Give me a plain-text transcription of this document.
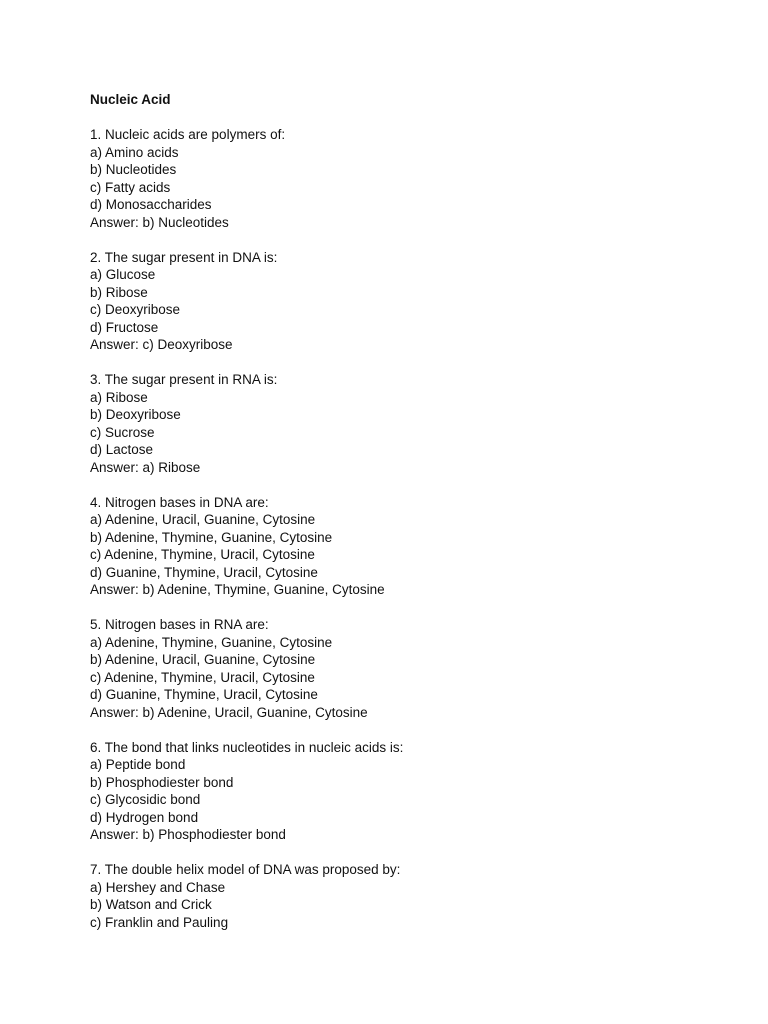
Nucleic Acid
1. Nucleic acids are polymers of:
a) Amino acids
b) Nucleotides
c) Fatty acids
d) Monosaccharides
Answer: b) Nucleotides
2. The sugar present in DNA is:
a) Glucose
b) Ribose
c) Deoxyribose
d) Fructose
Answer: c) Deoxyribose
3. The sugar present in RNA is:
a) Ribose
b) Deoxyribose
c) Sucrose
d) Lactose
Answer: a) Ribose
4. Nitrogen bases in DNA are:
a) Adenine, Uracil, Guanine, Cytosine
b) Adenine, Thymine, Guanine, Cytosine
c) Adenine, Thymine, Uracil, Cytosine
d) Guanine, Thymine, Uracil, Cytosine
Answer: b) Adenine, Thymine, Guanine, Cytosine
5. Nitrogen bases in RNA are:
a) Adenine, Thymine, Guanine, Cytosine
b) Adenine, Uracil, Guanine, Cytosine
c) Adenine, Thymine, Uracil, Cytosine
d) Guanine, Thymine, Uracil, Cytosine
Answer: b) Adenine, Uracil, Guanine, Cytosine
6. The bond that links nucleotides in nucleic acids is:
a) Peptide bond
b) Phosphodiester bond
c) Glycosidic bond
d) Hydrogen bond
Answer: b) Phosphodiester bond
7. The double helix model of DNA was proposed by:
a) Hershey and Chase
b) Watson and Crick
c) Franklin and Pauling
